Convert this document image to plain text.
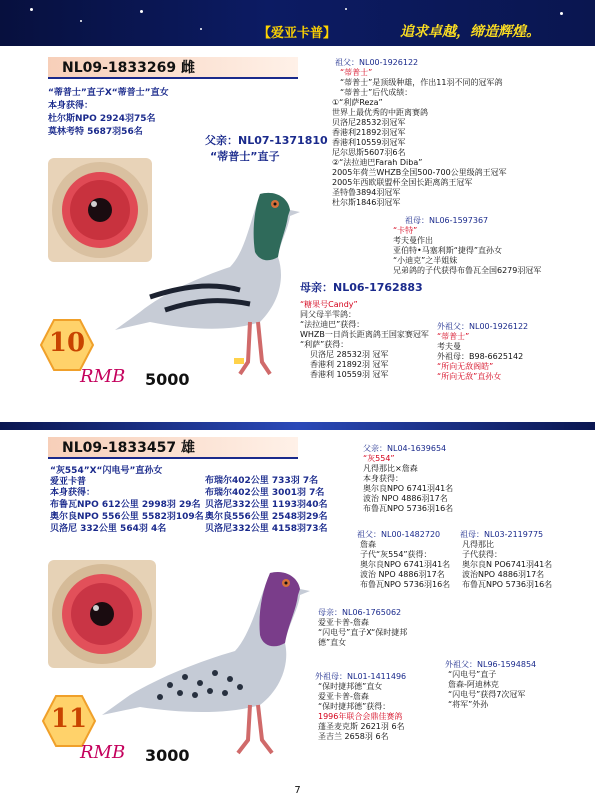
【爱亚卡普】	追求卓越，缔造辉煌。
NL09-1833269 雌
“蒂普士”直子X“蒂普士”直女
本身获得：
杜尔斯NPO 2924羽75名
莫林考特 5687羽56名
父亲：NL07-1371810
“蒂普士”直子
祖父：NL00-1926122
“蒂普士”
“蒂普士”是顶级种雄，作出11羽不同的冠军鸽
“蒂普士”后代成绩：
①“利萨Reza”
世界上最优秀的中距离赛鸽
贝洛尼28532羽冠军
香港利21892羽冠军
香港利10559羽冠军
尼尔思斯5607羽6名
②“法拉迪巴Farah Diba”
2005年荷兰WHZB全国500-700公里级鸽王冠军
2005年西欧联盟杯全国长距离鸽王冠军
圣特鲁3894羽冠军
杜尔斯1846羽冠军
祖母：NL06-1597367
“卡特”
考夫曼作出
亚伯特•马塞利斯“捷得”直孙女
“小迪克”之半姐妹
兄弟鸽的子代获得布鲁瓦全国6279羽冠军
母亲：NL06-1762883
“糖果号Candy”
同父母半雫鸽：
“法拉迪巴”获得：
WHZB一日尚长距离鸽王国家赛冠军
“利萨”获得：
贝洛尼 28532羽 冠军
香港利 21892羽 冠军
香港利 10559羽 冠军
外祖父：NL00-1926122
“蒂普士”
考夫曼
外祖母：B98-6625142
“所向无敌阁皓”
“所向无敌”直孙女
10
RMB 5000
NL09-1833457 雄
“灰554”X“闪电号”直孙女
爱亚卡普
本身获得：
布鲁瓦NPO 612公里 2998羽 29名
奥尔良NPO 556公里 5582羽109名
贝洛尼 332公里 564羽 4名
布瑞尔402公里 733羽 7名
布瑞尔402公里 3001羽 7名
贝洛尼332公里 1193羽40名
奥尔良556公里 2548羽29名
贝洛尼332公里 4158羽73名
父亲：NL04-1639654
“灰554”
凡得那比×詹森
本身获得：
奥尔良NPO 6741羽41名
波治 NPO 4886羽17名
布鲁瓦NPO 5736羽16名
祖父：NL00-1482720
詹森
子代“灰554”获得：
奥尔良NPO 6741羽41名
波治 NPO 4886羽17名
布鲁瓦NPO 5736羽16名
祖母：NL03-2119775
凡得那比
子代获得：
奥尔良N PO6741羽41名
波治NPO 4886羽17名
布鲁瓦NPO 5736羽16名
母亲：NL06-1765062
爱亚卡普-詹森
“闪电号”直子X“保时捷邦
德”直女
外祖父：NL96-1594854
“闪电号”直子
詹森-阿迪林克
“闪电号”获得7次冠军
“将军”外孙
外祖母：NL01-1411496
“保时捷邦德”直女
爱亚卡普-詹森
“保时捷邦德”获得：
1996年联合会鼎佳赛鸽
蓬圣麦克斯 2621羽 6名
圣吉兰 2658羽 6名
11
RMB 3000
7
